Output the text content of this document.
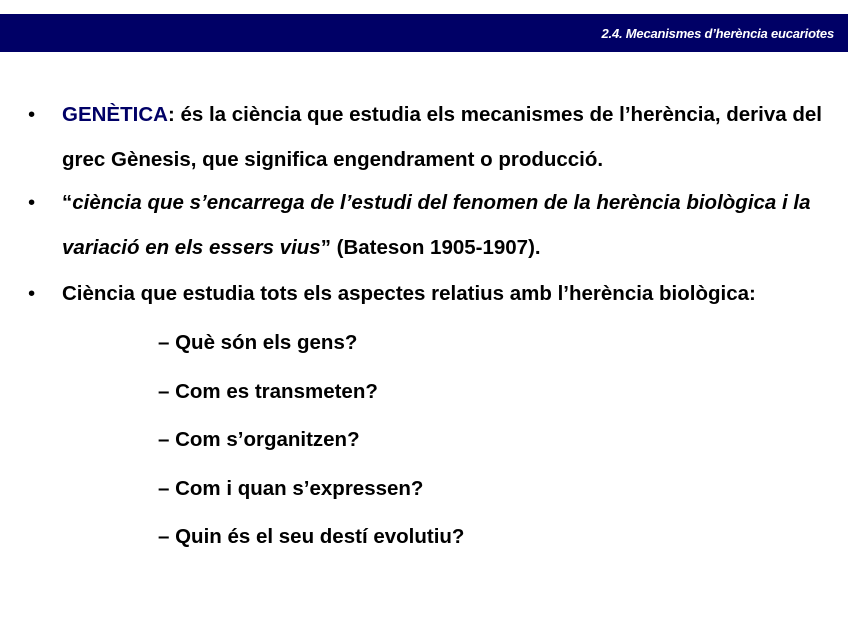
2.4. Mecanismes d’herència eucariotes
• GENÈTICA: és la ciència que estudia els mecanismes de l’herència, deriva del grec Gènesis, que significa engendrament o producció.
• “ciència que s’encarrega de l’estudi del fenomen de la herència biològica i la variació en els essers vius” (Bateson 1905-1907).
• Ciència que estudia tots els aspectes relatius amb l’herència biològica:
– Què són els gens?
– Com es transmeten?
– Com s’organitzen?
– Com i quan s’expressen?
– Quin és el seu destí evolutiu?
